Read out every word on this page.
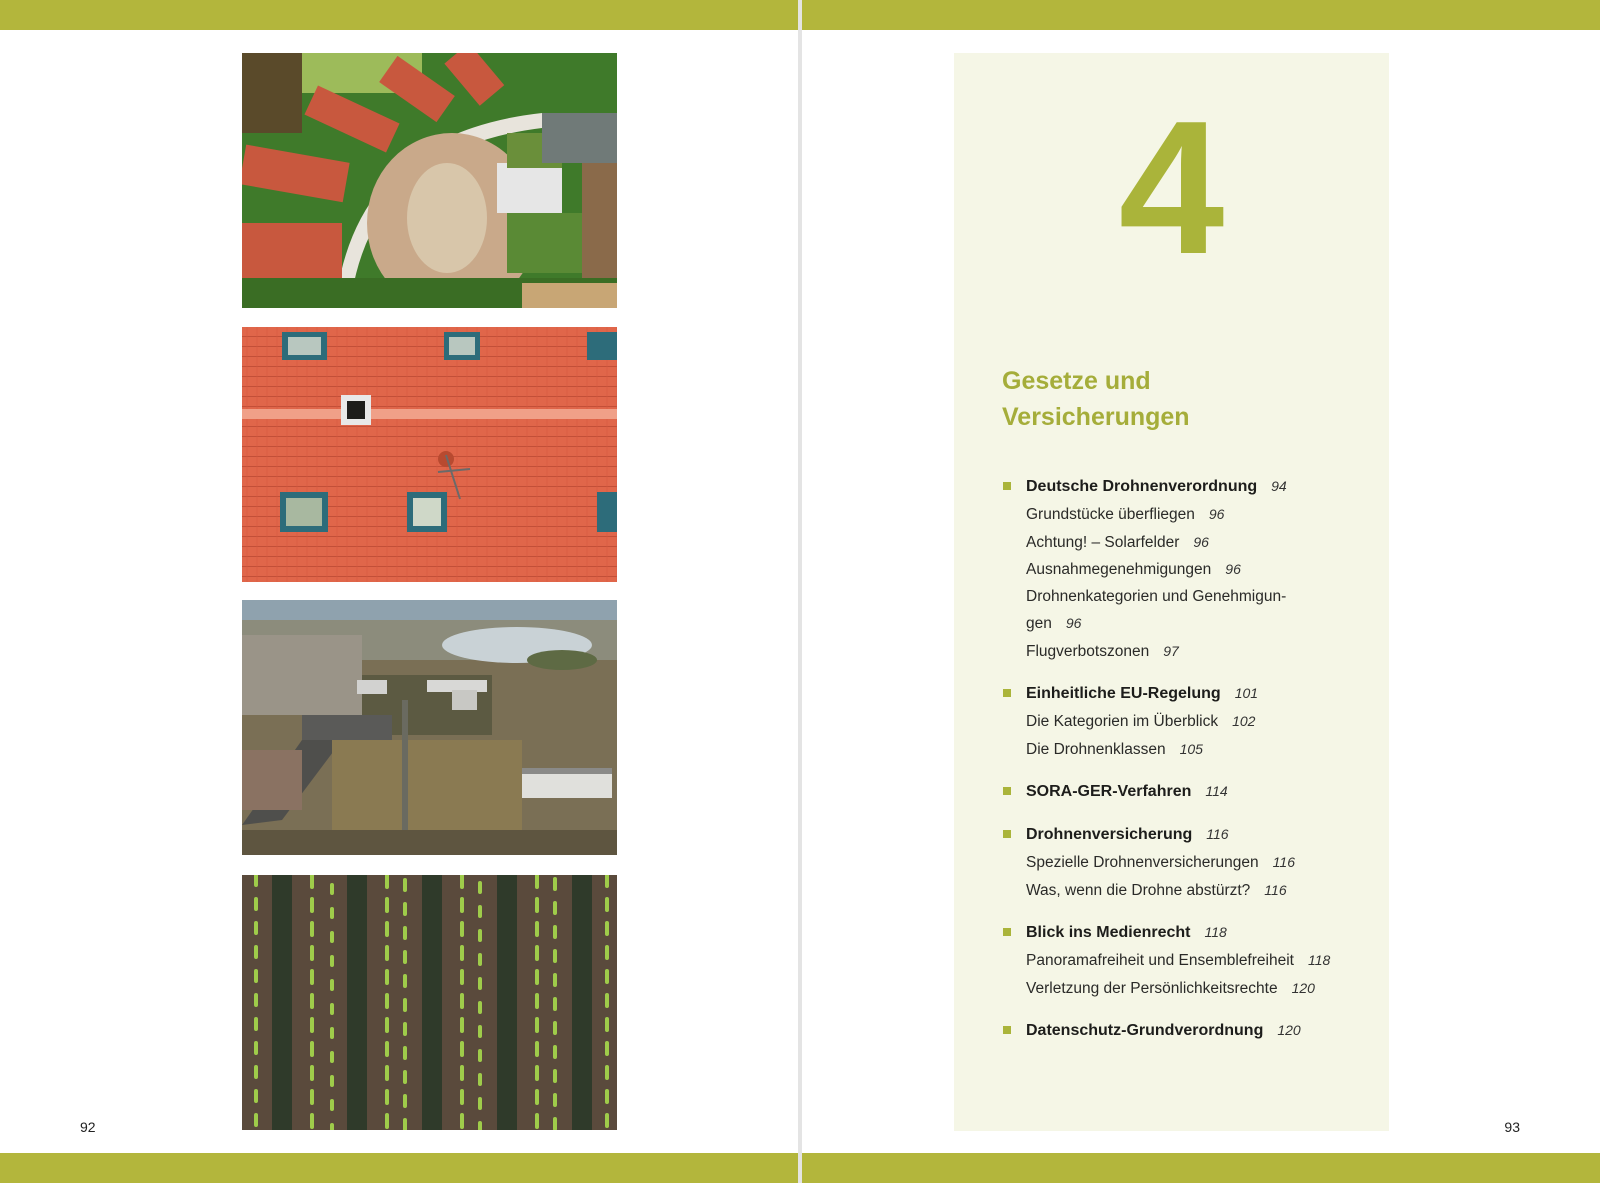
92
4
Gesetze und
Versicherungen
Deutsche Drohnenverordnung 94
Grundstücke überfliegen 96
Achtung! – Solarfelder 96
Ausnahmegenehmigungen 96
Drohnenkategorien und Genehmigun-
gen 96
Flugverbotszonen 97
Einheitliche EU-Regelung 101
Die Kategorien im Überblick 102
Die Drohnenklassen 105
SORA-GER-Verfahren 114
Drohnenversicherung 116
Spezielle Drohnenversicherungen 116
Was, wenn die Drohne abstürzt? 116
Blick ins Medienrecht 118
Panoramafreiheit und Ensemblefreiheit 118
Verletzung der Persönlichkeitsrechte 120
Datenschutz-Grundverordnung 120
93
